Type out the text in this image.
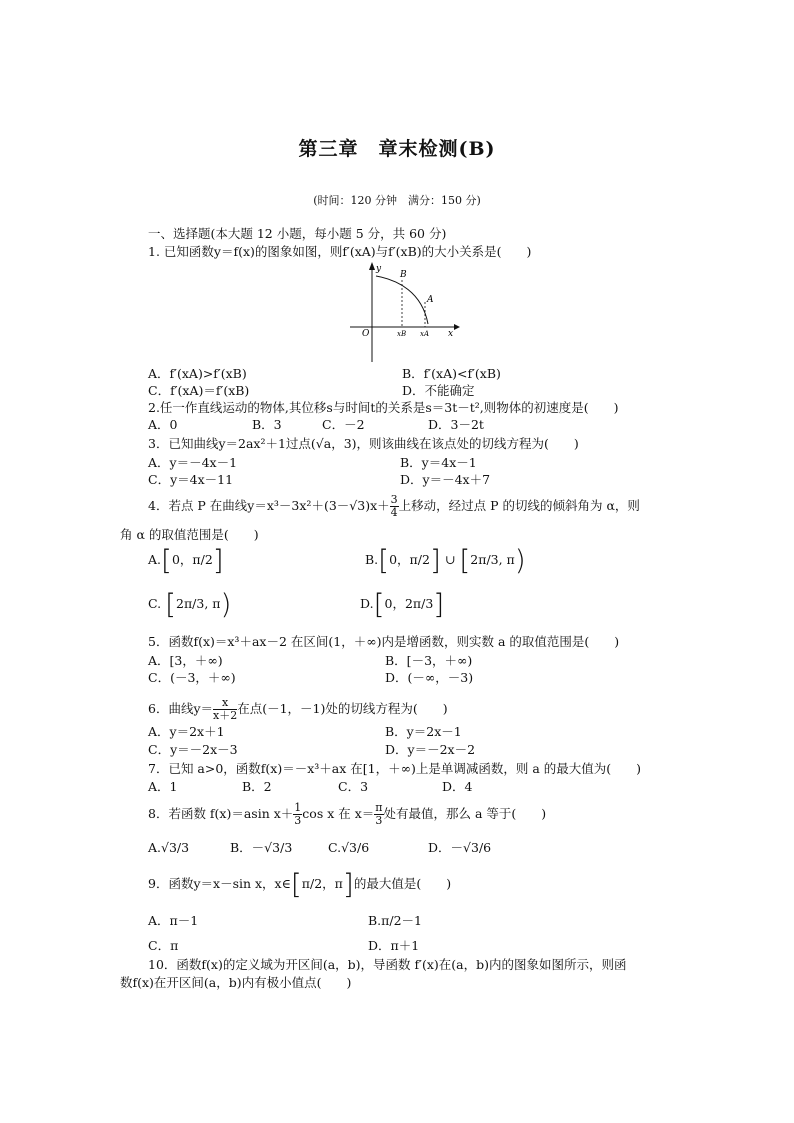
第三章　章末检测(B)
(时间：120 分钟　满分：150 分)
一、选择题(本大题 12 小题，每小题 5 分，共 60 分)
1. 已知函数y＝f(x)的图象如图，则f′(xA)与f′(xB)的大小关系是(　　)
y
x
O
B
A
xB xA
A．f′(xA)>f′(xB)	B．f′(xA)<f′(xB)
C．f′(xA)＝f′(xB)	D．不能确定
2.任一作直线运动的物体,其位移s与时间t的关系是s＝3t－t²,则物体的初速度是(　　)
A．0	B．3	C．－2	D．3－2t
3．已知曲线y＝2ax²＋1过点(√a，3)，则该曲线在该点处的切线方程为(　　)
A．y＝－4x－1	B．y＝4x－1
C．y＝4x－11	D．y＝－4x＋7
4．若点 P 在曲线$y=x^3-3x^2+(3-√3)x+ \frac{3}{4}$ 上移动，经过点 P 的切线的倾斜角为 α，则
角 α 的取值范围是(　　)
A.[0，π/2]	B.[0，π/2] ∪ [2π/3, π)
C. [2π/3, π)	D.[0，2π/3]
5．函数f(x)＝x³＋ax－2 在区间(1，＋∞)内是增函数，则实数 a 的取值范围是(　　)
A．[3，＋∞)	B．[－3，＋∞)
C．(－3，＋∞)	D．(－∞，－3)
6．曲线$y= \frac{x}{x+2}$ 在点(－1，－1)处的切线方程为(　　)
A．y＝2x＋1	B．y＝2x－1
C．y＝－2x－3	D．y＝－2x－2
7．已知 a>0，函数f(x)＝－x³＋ax 在[1，＋∞)上是单调减函数，则 a 的最大值为(　　)
A．1	B．2	C．3	D．4
8．若函数 f(x)＝asin $x+ \frac{1}{3}$ cos x 在 $x= \frac{\pi}{3}$ 处有最值，那么 a 等于(　　)
A.√3/3	B．－√3/3	C.√3/6	D．－√3/6
9．函数y＝x－sin x，x∈[π/2，π]的最大值是(　　)
A．π－1	B.π/2－1
C．π	D．π＋1
10．函数f(x)的定义域为开区间(a，b)，导函数 f′(x)在(a，b)内的图象如图所示，则函
数f(x)在开区间(a，b)内有极小值点(　　)
